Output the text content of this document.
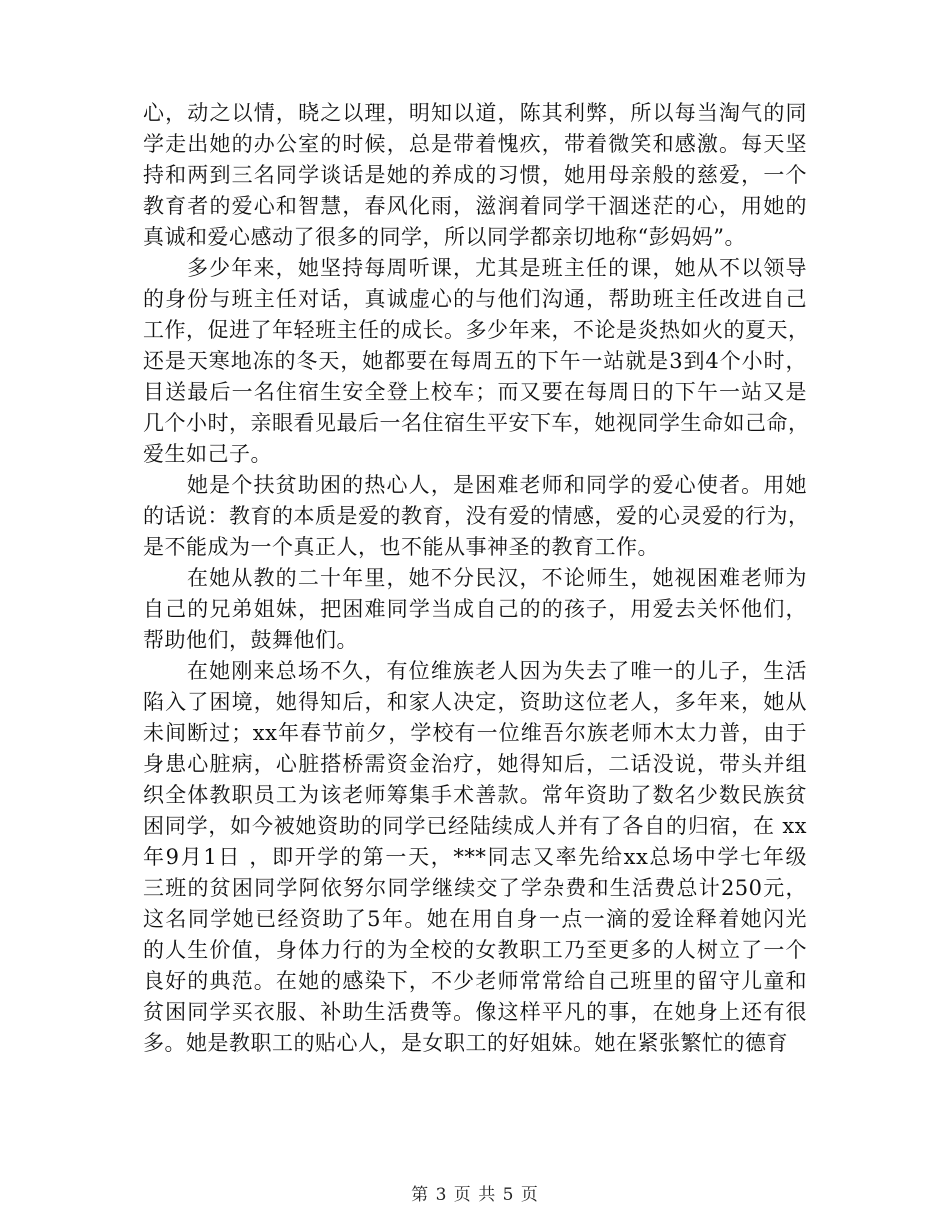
心，动之以情，晓之以理，明知以道，陈其利弊，所以每当淘气的同
学走出她的办公室的时候，总是带着愧疚，带着微笑和感激。每天坚
持和两到三名同学谈话是她的养成的习惯，她用母亲般的慈爱，一个
教育者的爱心和智慧，春风化雨，滋润着同学干涸迷茫的心，用她的
真诚和爱心感动了很多的同学，所以同学都亲切地称“彭妈妈”。
多少年来，她坚持每周听课，尤其是班主任的课，她从不以领导
的身份与班主任对话，真诚虚心的与他们沟通，帮助班主任改进自己
工作，促进了年轻班主任的成长。多少年来，不论是炎热如火的夏天，
还是天寒地冻的冬天，她都要在每周五的下午一站就是3到4个小时，
目送最后一名住宿生安全登上校车；而又要在每周日的下午一站又是
几个小时，亲眼看见最后一名住宿生平安下车，她视同学生命如己命，
爱生如己子。
她是个扶贫助困的热心人，是困难老师和同学的爱心使者。用她
的话说：教育的本质是爱的教育，没有爱的情感，爱的心灵爱的行为，
是不能成为一个真正人，也不能从事神圣的教育工作。
在她从教的二十年里，她不分民汉，不论师生，她视困难老师为
自己的兄弟姐妹，把困难同学当成自己的的孩子，用爱去关怀他们，
帮助他们，鼓舞他们。
在她刚来总场不久，有位维族老人因为失去了唯一的儿子，生活
陷入了困境，她得知后，和家人决定，资助这位老人，多年来，她从
未间断过；xx年春节前夕，学校有一位维吾尔族老师木太力普，由于
身患心脏病，心脏搭桥需资金治疗，她得知后，二话没说，带头并组
织全体教职员工为该老师筹集手术善款。常年资助了数名少数民族贫
困同学，如今被她资助的同学已经陆续成人并有了各自的归宿，在 xx
年9月1日 ，即开学的第一天，***同志又率先给xx总场中学七年级
三班的贫困同学阿依努尔同学继续交了学杂费和生活费总计250元，
这名同学她已经资助了5年。她在用自身一点一滴的爱诠释着她闪光
的人生价值，身体力行的为全校的女教职工乃至更多的人树立了一个
良好的典范。在她的感染下，不少老师常常给自己班里的留守儿童和
贫困同学买衣服、补助生活费等。像这样平凡的事，在她身上还有很
多。她是教职工的贴心人，是女职工的好姐妹。她在紧张繁忙的德育
第 3 页 共 5 页
